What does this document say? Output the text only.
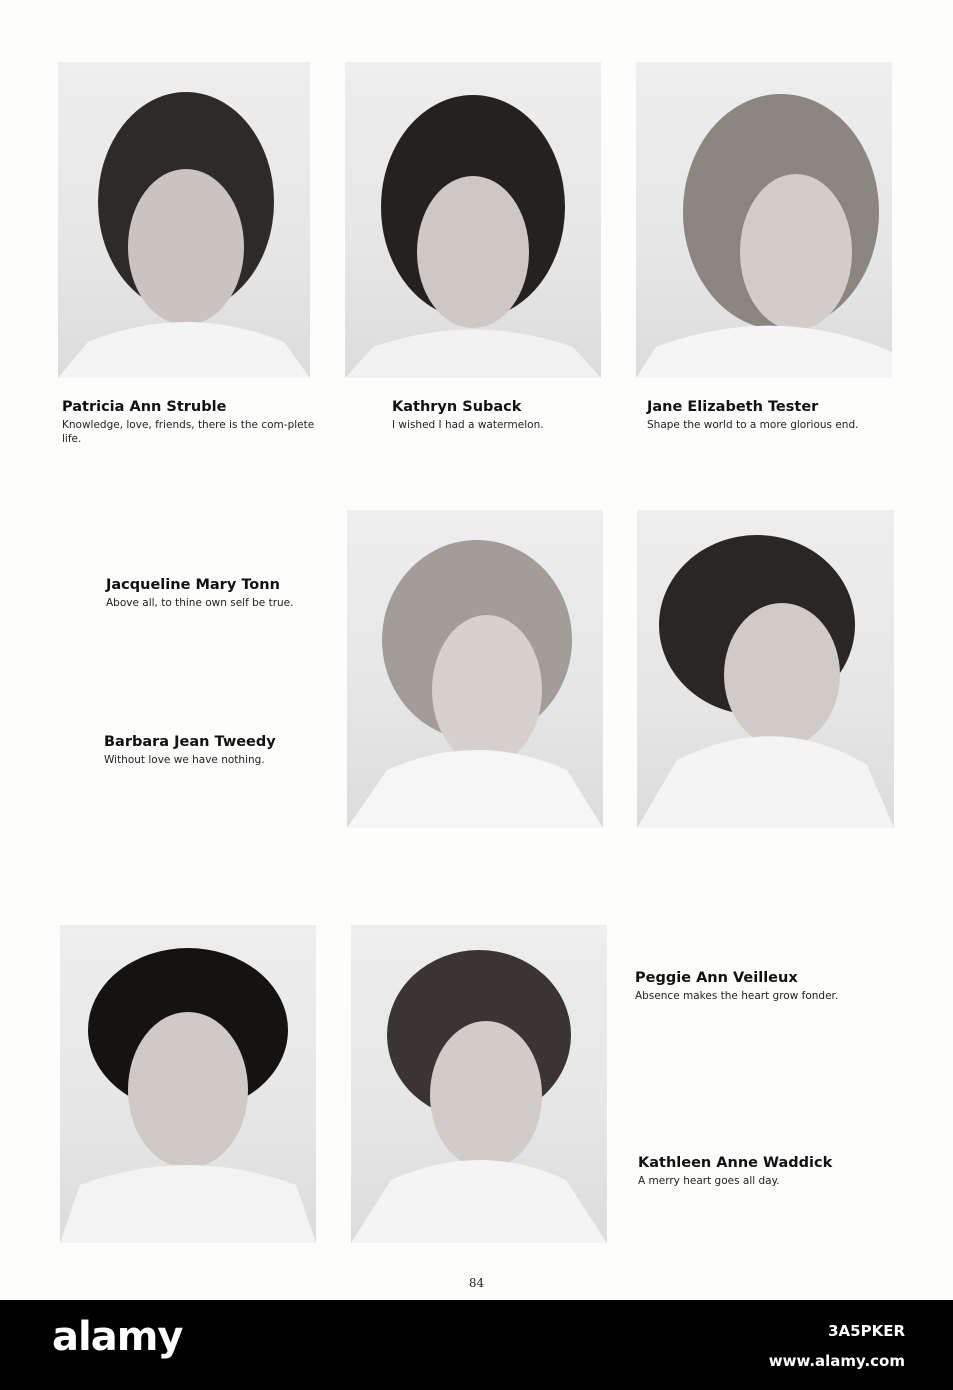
Patricia Ann Struble
Knowledge, love, friends, there is the com-plete life.
Kathryn Suback
I wished I had a watermelon.
Jane Elizabeth Tester
Shape the world to a more glorious end.
Jacqueline Mary Tonn
Above all, to thine own self be true.
Barbara Jean Tweedy
Without love we have nothing.
Peggie Ann Veilleux
Absence makes the heart grow fonder.
Kathleen Anne Waddick
A merry heart goes all day.
84
alamy	3A5PKER
www.alamy.com
